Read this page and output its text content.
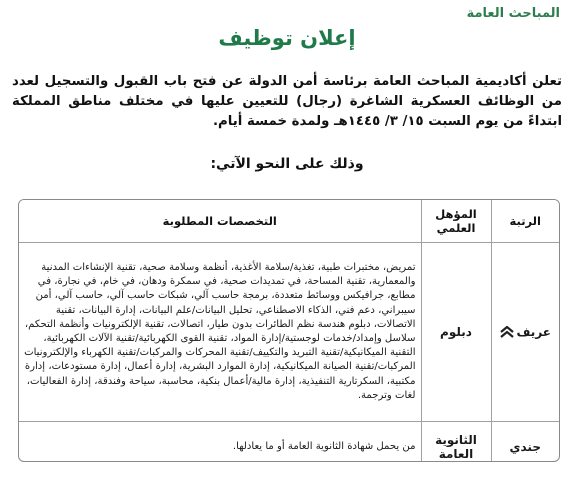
المباحث العامة
إعلان توظيف
تعلن أكاديمية المباحث العامة برئاسة أمن الدولة عن فتح باب القبول والتسجيل لعدد من الوظائف العسكرية الشاغرة (رجال) للتعيين عليها في مختلف مناطق المملكة ابتداءً من يوم السبت ١٥/ ٣/ ١٤٤٥هـ ولمدة خمسة أيام.
وذلك على النحو الآتي:
الرتبة	المؤهل العلمي	التخصصات المطلوبة

عريف	دبلوم	تمريض، مختبرات طبية، تغذية/سلامة الأغذية، أنظمة وسلامة صحية، تقنية الإنشاءات المدنية والمعمارية، تقنية المساحة، في تمديدات صحية، في سمكرة ودهان، في خام، في نجارة، في مطابع، جرافيكس ووسائط متعددة، برمجة حاسب آلي، شبكات حاسب آلي، حاسب آلي، أمن سيبراني، دعم فني، الذكاء الاصطناعي، تحليل البيانات/علم البيانات، إدارة البيانات، تقنية الاتصالات، دبلوم هندسة نظم الطائرات بدون طيار، اتصالات، تقنية الإلكترونيات وأنظمة التحكم، سلاسل وإمداد/خدمات لوجستية/إدارة المواد، تقنية القوى الكهربائية/تقنية الآلات الكهربائية، التقنية الميكانيكية/تقنية التبريد والتكييف/تقنية المحركات والمركبات/تقنية الكهرباء والإلكترونيات المركبات/تقنية الصيانة الميكانيكية، إدارة الموارد البشرية، إدارة أعمال، إدارة مستودعات، إدارة مكتبية، السكرتارية التنفيذية، إدارة مالية/أعمال بنكية، محاسبة، سياحة وفندقة، إدارة الفعاليات، لغات وترجمة.
جندي	الثانوية العامة	من يحمل شهادة الثانوية العامة أو ما يعادلها.
